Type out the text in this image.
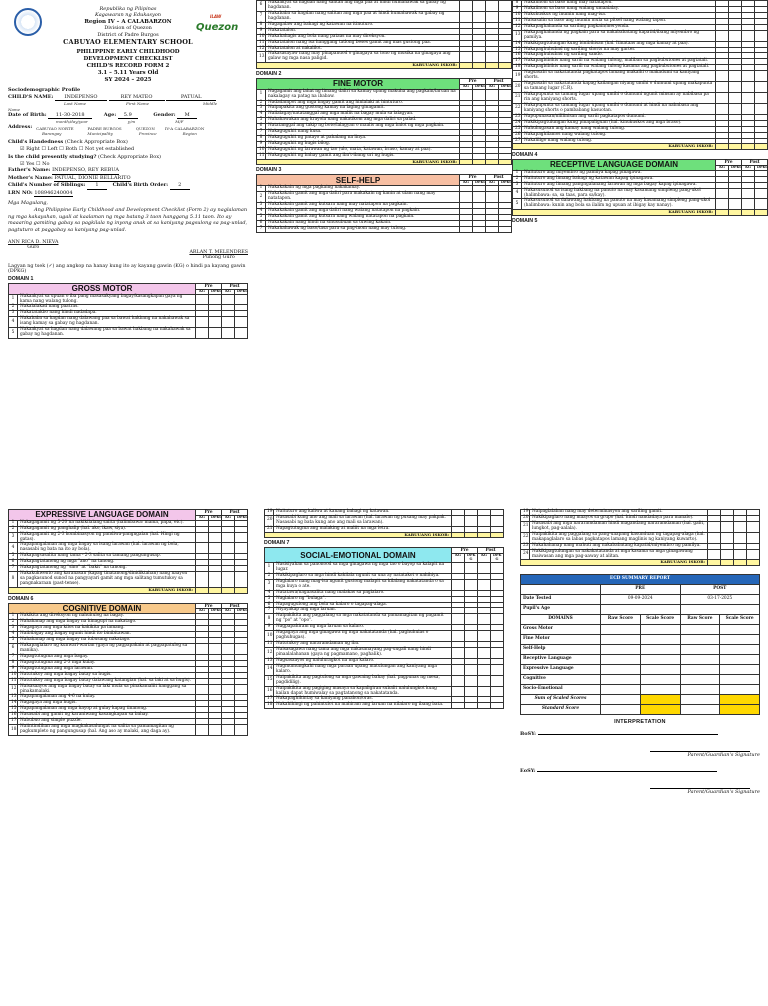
ILAW
Quezon
Republika ng Pilipinas
Kagawaran ng Edukasyon
Region IV – A CALABARZON
Division of Quezon
District of Padre Burgos
CABUYAO ELEMENTARY SCHOOL
PHILIPPINE EARLY CHILDHOOD
DEVELOPMENT CHECKLIST
CHILD'S RECORD FORM 2
3.1 – 5.11 Years Old
SY 2024 – 2025
Sociodemographic Profile
CHILD'S NAME: INDEPENSO	REY MATEO	PATUAL
Last Name	First Name	Middle
Name
Date of Birth: 11-30-2018	Age: 5.9	Gender: M
month/day/year	y/m	M/F
Address: CABUYAO NORTE	PADRE BURGOS	QUEZON	IV-A CALABARZON
Barangay	Municipality	Province	Region
Child's Handedness (Check Appropriate Box)
☑ Right ☐ Left ☐ Both ☐ Not yet established
Is the child presently studying? (Check Appropriate Box)
☑ Yes ☐ No
Father's Name: INDEPENSO, REY REBUA
Mother's Name: PATUAL, DIONIE BELLARITO
Child's Number of Siblings: 1	Child's Birth Order: 2
LRN NO: 108946240004
Mga Magulang,

Ang Philippine Early Childhood and Development Checklist (Form 2) ay naglalaman ng mga kakayahan, ugali at kaalaman ng mga batang 3 taon hanggang 5.11 taon. Ito ay maaaring gamiting gabay sa pagkilala ng inyong anak at sa kaniyang pagsulong sa pag-unlad, pagtuturo at paggabay sa kaniyang pag-unlad.

ANN RICA D. NIEVA
Guro
ARLAN T. MELENDRES
Punong Guro
Lagyan ng tsek (✓) ang angkop na hanay kung ito ay kayang gawin (KG) o hindi pa kayang gawin (DPKG)
DOMAIN 1
GROSS MOTOR		Pre		Post	
		KG	DPKG	KG	DPKG
1	Nakaakyat sa upuan o iba pang masasakyang bagay/kasangkapan gaya ng kama nang walang tulong.				
2	Nakalalakad nang paatras.				
3	Nakatatakbo nang hindi nadadapa.				
4	Nakababa sa hagdan nang dalawang paa sa bawat hakbang na nakahawak sa isang kamay sa gabay ng hagdanan.				
5	Nakaakyat sa hagdan nang dalawang paa sa bawat hakbang na nakahawak sa gabay ng hagdanan.				
6	Nakaakyat sa hagdan nang salitan ang mga paa at hindi humahawak sa gabay ng hagdanan.				
7	Nakababa sa hagdan nang salitan ang mga paa at hindi humahawak sa gabay ng hagdanan.				
8	Nagagalaw ang bahagi ng katawan na itinuturo.				
9	Nakatatalon.				
10	Nakahahagis ang bola nang pataas na may direksyon.				
11	Nakatatalon nang isa hanggang tatlong beses gamit ang mas gustong paa.				
12	Nakatatalon at nakalilot.				
13	Nakasasayaw nang may pinapanuod o ginagaya sa tono ng musika na ginagaya ang galaw ng mga nasa paligid.				
KABUUANG ISKOR:					
DOMAIN 2
FINE MOTOR		Pre		Post	
		KG	DPKG	KG	DPKG
1	Nagagamit ang lahat ng limang daliri sa kamay upang makuha ang pagkain/laruan na nakalagay sa patag na ibabaw.				
2	Nadadampot ang mga bagay gamit ang hinlalaki at hintuturo.				
3	Naipapakita ang gustong kamay na laging ginagamit.				
4	Nailalagay/natatanggal ang mga maliit na bagay mula sa lalagyan.				
5	Nahahawakan ang krayola nang nakatikom ang mga daliri sa palad.				
6	Natatanggal ang takip ng bote/lalagyan o maalis ang mga balot ng mga pagkain.				
7	Nakaguguhit nang kusa.				
8	Nakaguguhit ng patayo at pahalang na linya.				
9	Nakaguguhit ng hugis bilog.				
10	Nakaguguhit ng larawan ng tao (ulo, mata, katawan, braso, kamay at paa).				
11	Nakaguguhit ng bahay gamit ang iba't-ibang uri ng hugis.				
KABUUANG ISKOR:					
DOMAIN 3
SELF-HELP		Pre		Post	
		KG	DPKG	KG	DPKG
1	Nakakakain ng mga pagkaing nakakamay.				
2	Nakakakain gamit ang mga daliri para makakain ng kanin at ulam nang may natatapon.				
3	Nakakakain gamit ang kutsara nang may natatapon na pagkain.				
4	Nakakakain gamit ang mga daliri nang walang natatapon na pagkain.				
5	Nakakakain gamit ang kutsara nang walang natatapon na pagkain.				
6	Nakakakain nang hindi na sinusubuan sa tuwing kakain.				
7	Nakahahawak ng baso/tasa para sa pag-inom nang may tulong.				
8	Nakaiinom sa baso nang may natatapon.				
9	Nakaiinom sa baso nang walang umaalalay.				
10	Nakukuskus ng inumin nang mag-isa.				
11	Naisasalin sa baso ang inumin mula sa pitsel nang walang tapon.				
12	Nakapaghahanda sa sariling pagkain/meryenda.				
13	Nakapaghahanda ng pagkain para sa nakababatang kapatid/ibang miyembro ng pamilya.				
14	Nakikipagtulungan kung binibihisan (hal. Itinataas ang mga kamay at paa).				
15	Nakapaghuhubad ng sariling shorts na may garter.				
16	Nakapaghuhubad ng sariling sando.				
17	Nakapagbibihis nang sarili na walang tulong, maliban sa pagbubutones at pagtatali.				
18	Nakapagbibihis nang sarili na walang tulong kasama ang pagbubutones at pagtatali.				
19	Nagsasabi sa nakatatanda pagkatapos lamang makaihi o makadumi sa kaniyang shorts.				
20	Nagsasabi sa nakatatanda kapag kailangan niyang umihi o dumumi upang makapunta sa tamang lugar (C.R).				
21	Nakapupunta sa tamang lugar upang umihi o dumumi ngunit minsan ay nabibasa pa rin ang kaniyang shorts.				
22	Nakapupunta sa tamang lugar upang umihi o dumumi at hindi na nababasa ang kaniyang shorts o pambabang kasuotan.				
23	Napupunasan/nililinisan ang sarili pagkatapos dumumi.				
24	Nakikipagtulungan kung pinapaliguan (hal. kinukuskos ang mga braso).				
25	Nahuhugasan ang kamay nang walang tulong.				
26	Nakapaghilamos nang walang tulong.				
27	Nakaliligo nang walang tulong.				
KABUUANG ISKOR:					
DOMAIN 4
RECEPTIVE LANGUAGE DOMAIN		Pre		Post	
		KG	DPKG	KG	DPKG
1	Naituturo ang miyembro ng pamilya kapag pinagawa.				
2	Naituturo ang limang bahagi ng katawan kapag ipinagawa.				
3	Naituturo ang limang pangngalanang larawan ng mga bagay kapag ipinagawa.				
4	Nakasusunod sa isang hakbang na panuto na may kasamang simpleng pang-ukol (halimbawa: sa, sa taas, para sa/kay).				
5	Nakasusunod sa dalawang hakbang na panuto na may kasamang simpleng pang-ukol (halimbawa: kunin ang bola sa ilalim ng upuan at ibigay kay nanay).				
KABUUANG ISKOR:					
DOMAIN 5
EXPRESSIVE LANGUAGE DOMAIN		Pre		Post	
		KG	DPKG	KG	DPKG
1	Nakagagamit ng 5-20 na nakikilalang salita (halimbawa: mama, papa, etc).				
2	Nakagagamit ng panghalip (hal. ako, ikaw, siya).				
3	Nakagagamit ng 2-3 kombinasyon ng pandiwa-pangngalan (hal. Hingi ng gatas).				
4	Napapangalanan ang mga bagay sa isang larawan (hal. larawan ng bola, nasasabi ng bata na ito ay bola).				
5	Nakapagsasalita nang tama - 2-3 salita sa tamang pangungusap.				
6	Nakapagtatanong ng mga "ano" na tanong.				
7	Nakapagtatanong ng "sino" at "bakit" na tanong.				
8	Nakakukwento ang karanasan (kapag tinatanong/dinidiktahan) nang naayon sa pagkasunod sunod na pangyayari gamit ang mga salitang tumutukoy sa pangnakaraan (past-tense).				
KABUUANG ISKOR:					
DOMAIN 6
COGNITIVE DOMAIN		Pre		Post	
		KG	DPKG	KG	DPKG
1	Nakikita ang direksyon ng nahuhulog na bagay.				
2	Nahahanap ang mga bagay na hinagupi na nakatago.				
3	Nagagaya ang mga kilos na kakikita pa lamang.				
4	Naibibigay ang bagay ngunit hindi ito binibitawan.				
5	Nahahanap ang mga bagay na lubusang nakatago.				
6	Nakapaglalaro ng kunwari-warian (gaya ng pagpapakain at pagpapatulog sa manika).				
7	Napagtutugma ang mga bagay.				
8	Napagtutugma ang 2-3 mga kulay.				
9	Napagtutugma ang mga larawan.				
10	Natutukoy ang mga bagay batay sa hugis.				
11	Natutukoy ang mga bagay batay dalawang katangian (hal. sa laki at sa hugis).				
12	Naisasaayos ang mga bagay batay sa laki mula sa pinakamaliit hanggang sa pinakamalaki.				
13	Napapangalanan ang 4-6 na kulay.				
14	Nagagaya ang mga hugis.				
15	Napapangalanan ang mga hayop at gulay kapag tinanong.				
16	Nasasabi ang gamit ng karaniwang kasangkapan sa bahay.				
17	Nabubuo ang simple puzzle.				
18	Naiintindihan ang mga magkakasalungat na salita sa pamamagitan ng pagkumpleto ng pangungusap (hal. Ang aso ay malaki, ang daga ay).				
19	Naituturo ang kaliwa at kanang bahagi ng katawan.				
20	Nasasabi kung ano ang mali sa larawan (hal. larawan ng pusang may pakpak. Nasasabi ng bata kung ano ang mali sa larawan).				
21	Napagtutugma ang malaking at maliit na mga letra.				
KABUUANG ISKOR:					
DOMAIN 7
SOCIAL-EMOTIONAL DOMAIN		Pre		Post	
		KG	DPK G	KG	DPK G
1	Nasisiyahan sa panonood sa mga ginagawa ng mga tao o bayop sa kalapit na lugar.				
2	Nakikipaglaro sa mga hindi kakilala ngunit sa una ay natatakot o nahihiya.				
3	Naglalaro nang mag-isa ngunit gustong malapit sa kilalang nakatatanda o sa mga kuya o ate.				
4	Natatawa/nagaasalita nang malakas sa paglalaro.				
5	Naglalaro ng "bulaga".				
6	Napagugulong ang bola sa kalaro o tagapag-alaga.				
7	Niyayakap ang mga laruan.				
8	Naipakikita ang paggalang sa mga nakatatanda sa pamamagitan ng pagamit ng "po" at "opo".				
9	Nagpapahiram ng mga laruan sa kalaro.				
10	Nagagaya ang mga ginagawa ng mga nakatatanda (hal. paghuhulas o paghuhugas).				
11	Natutukoy ang nararamdaman ng iba.				
12	Naisasagawa nang tama ang mga nakasanayang pag-uugali nang hindi pinaalalahanan (gaya ng pagmamano, paghalik).				
13	Nagsasaayos ng naluluragkot na mga kalaro.				
14	Nagmumungkahi nang mga paraan upang matulungan ang kaniyang mga kalaro.				
15	Naipakikita ang pagtulong sa mga gawaing bahay (hal. pagpunas ng mesa, pagdidilig).				
16	Naipakikita ang pagiging masaya sa kapaligiran subalit nalulungkot kung kailan dapat humiwalay sa pagtatanong sa nakatatanda.				
17	Nakapaghihintay sa kaniyang panahon/oras.				
18	Nakahihingi ng pahintulot na mahiram ang laruan na nilalaro ng ibang bata.				
19	Naipaglalaban nang may determinasyon ang sariling gamit.				
20	Nakikipaglaro nang maayos sa grupo (hal. hindi nandadaya para manalo).				
21	Nasasabi ang mga nararamdaman hindi magandang nararamdaman (hal. galit, lungkot, pag-aalala).				
22	Naipakikita ang paggalang sa pang-uaapang kasunduan ng tagapag-alaga (hal. makapaglalaro sa labas pagkatapos lamang maglinis ng kaniyang kuwarto).				
23	Nakahahanap nang mahuti ang nakababatang kapatid/miyembro ng pamilya.				
24	Nakikipagtulungan sa nakakatatanda at mga kasama sa mga ginagawang maiwasan ang mga pag-aaway at alitan.				
KABUUANG ISKOR:					
ECD SUMMARY REPORT				
	PRE		POST	
Date Tested	09-09-2024		03-17-2025	
Pupil's Age				
DOMAINS	Raw Score	Scale Score	Raw Score	Scale Score
Gross Motor				
Fine Motor				
Self-Help				
Receptive Language				
Expressive Language				
Cognitive				
Socio-Emotional				
Sum of Scaled Scores				
Standard Score				
INTERPRETATION
BoSY:
Parent/Guardian's Signature
EoSY:
Parent/Guardian's Signature
